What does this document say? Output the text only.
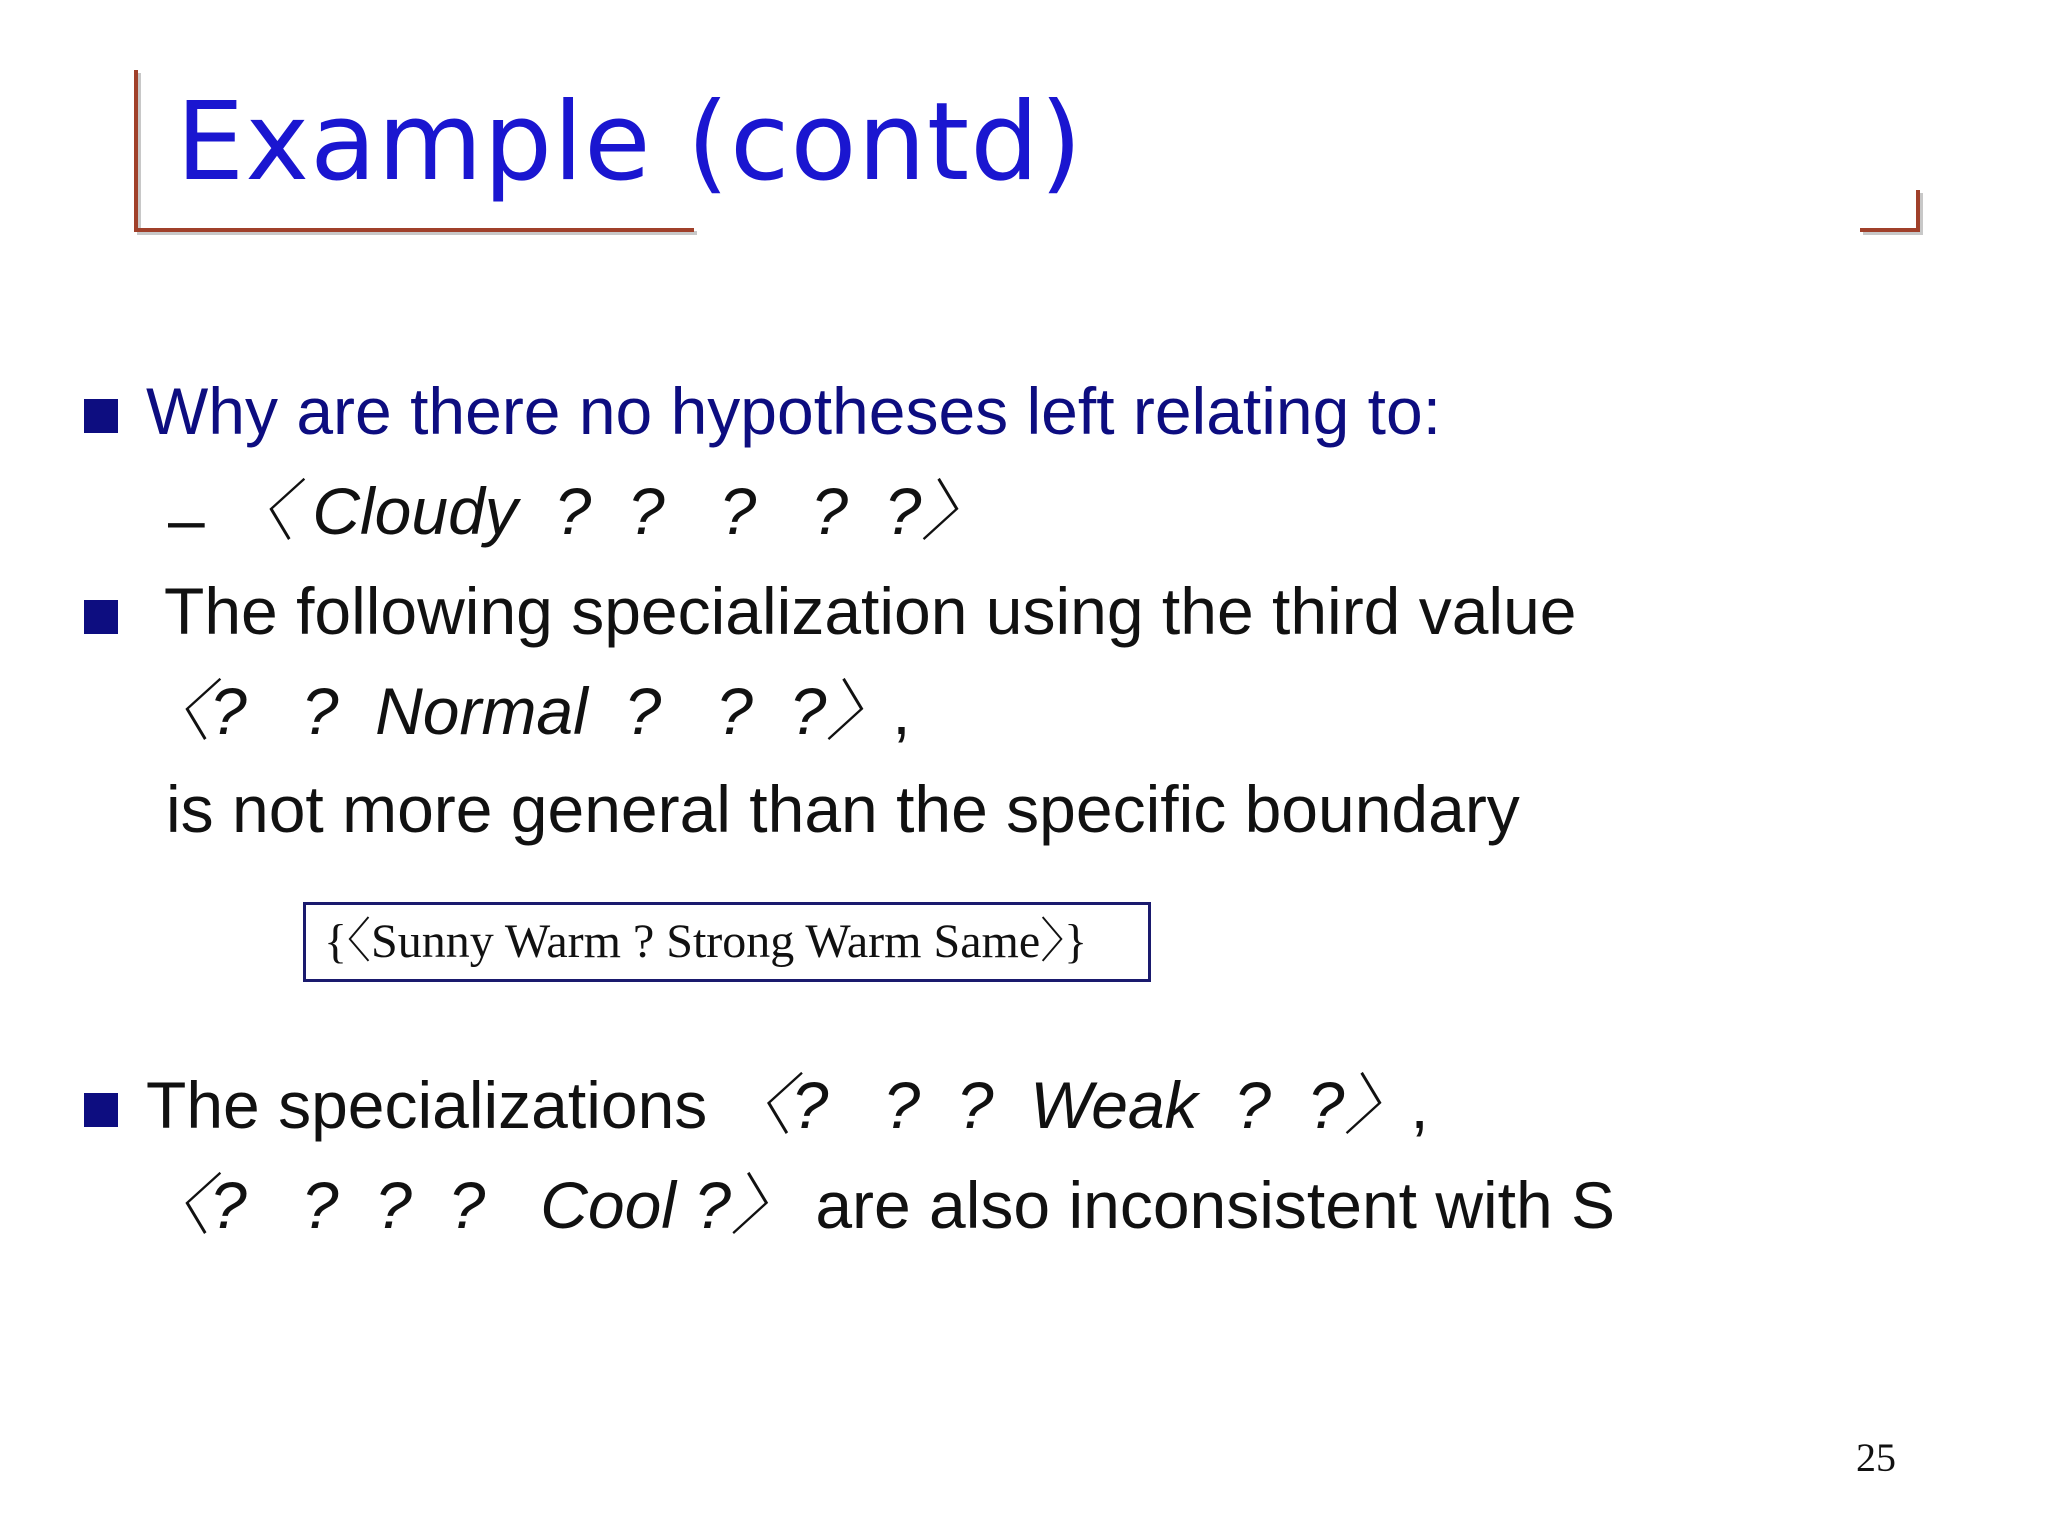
Example (contd)
Why are there no hypotheses left relating to:
– 〈 Cloudy  ?  ?   ?   ?  ?〉
The following specialization using the third value
〈?   ?  Normal  ?   ?  ?〉,
is not more general than the specific boundary
{〈Sunny Warm ? Strong Warm Same〉}
The specializations 〈?   ?  ?  Weak  ?  ?〉,
〈?   ?  ?  ?   Cool ?〉 are also inconsistent with S
25
